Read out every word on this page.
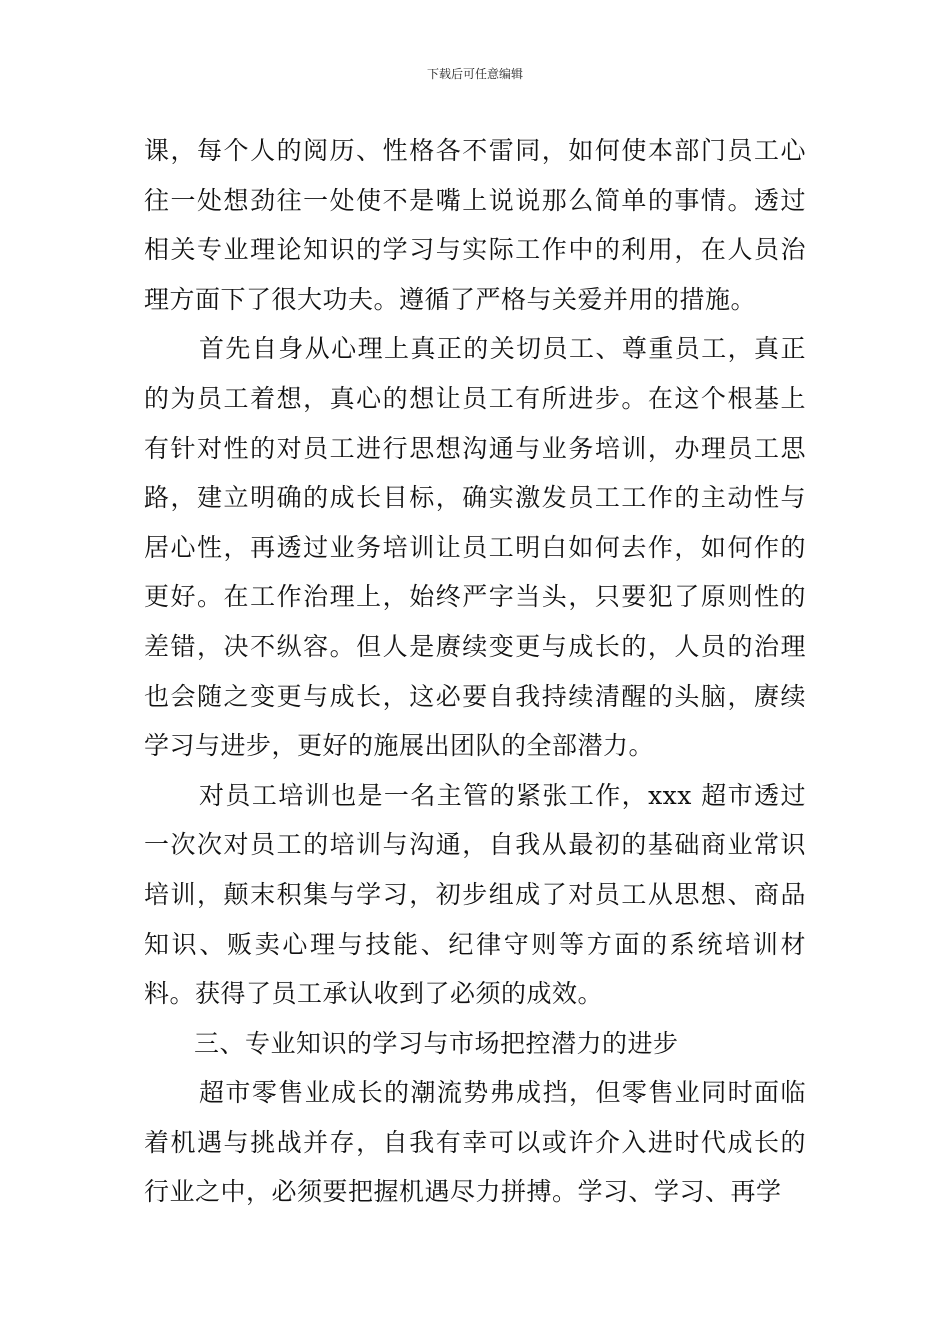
下载后可任意编辑

课，每个人的阅历、性格各不雷同，如何使本部门员工心往一处想劲往一处使不是嘴上说说那么简单的事情。透过相关专业理论知识的学习与实际工作中的利用，在人员治理方面下了很大功夫。遵循了严格与关爱并用的措施。

首先自身从心理上真正的关切员工、尊重员工，真正的为员工着想，真心的想让员工有所进步。在这个根基上有针对性的对员工进行思想沟通与业务培训，办理员工思路，建立明确的成长目标，确实激发员工工作的主动性与居心性，再透过业务培训让员工明白如何去作，如何作的更好。在工作治理上，始终严字当头，只要犯了原则性的差错，决不纵容。但人是赓续变更与成长的，人员的治理也会随之变更与成长，这必要自我持续清醒的头脑，赓续学习与进步，更好的施展出团队的全部潜力。

对员工培训也是一名主管的紧张工作，xxx 超市透过一次次对员工的培训与沟通，自我从最初的基础商业常识培训，颠末积集与学习，初步组成了对员工从思想、商品知识、贩卖心理与技能、纪律守则等方面的系统培训材料。获得了员工承认收到了必须的成效。

三、专业知识的学习与市场把控潜力的进步

超市零售业成长的潮流势弗成挡，但零售业同时面临着机遇与挑战并存，自我有幸可以或许介入进时代成长的行业之中，必须要把握机遇尽力拼搏。学习、学习、再学
